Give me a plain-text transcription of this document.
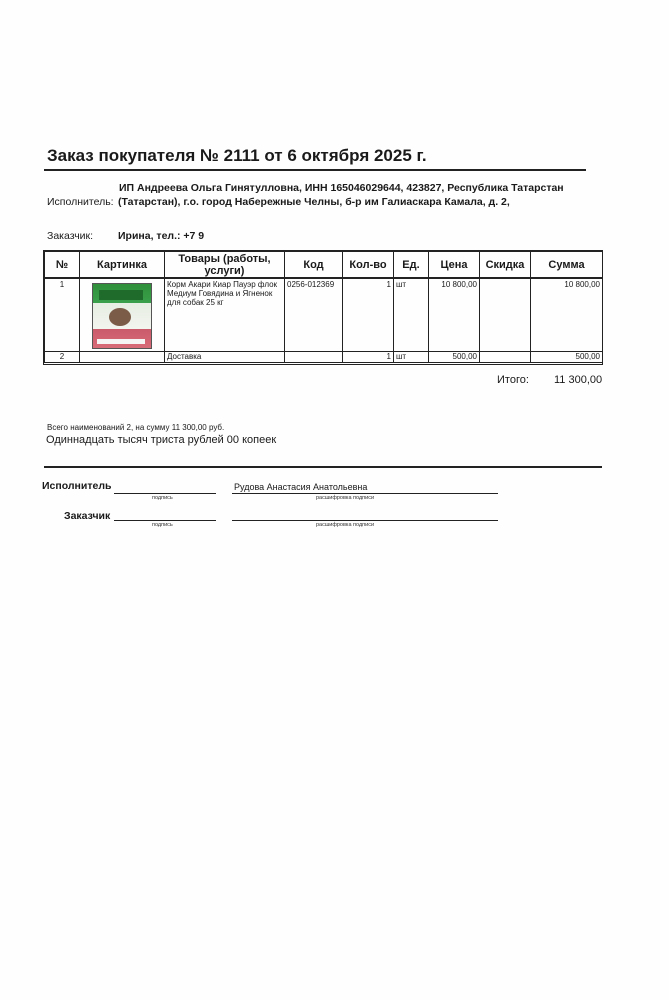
Заказ покупателя № 2111 от 6 октября 2025 г.
ИП Андреева Ольга Гинятулловна, ИНН 165046029644, 423827, Республика Татарстан
Исполнитель: (Татарстан), г.о. город Набережные Челны, б-р им Галиаскара Камала, д. 2,
Заказчик: Ирина, тел.: +7 9
№	Картинка	Товары (работы, услуги)	Код	Кол-во	Ед.	Цена	Скидка	Сумма
1		Корм Акари Киар Пауэр флок Медиум Говядина и Ягненок для собак 25 кг	0256-012369	1	шт	10 800,00		10 800,00
2		Доставка		1	шт	500,00		500,00
Итого: 11 300,00
Всего наименований 2, на сумму 11 300,00 руб.
Одиннадцать тысяч триста рублей 00 копеек
Исполнитель
подпись
Рудова Анастасия Анатольевна
расшифровка подписи
Заказчик
подпись	расшифровка подписи
